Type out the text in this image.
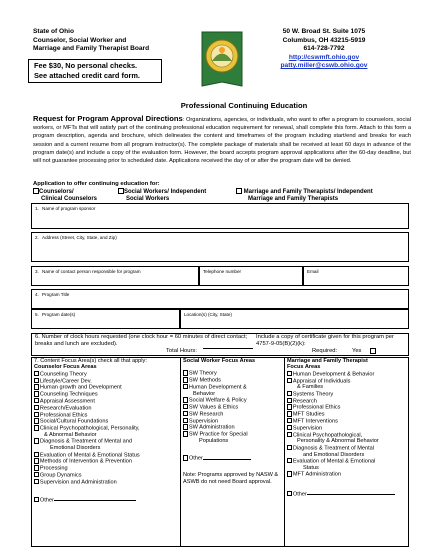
State of Ohio
Counselor, Social Worker and
Marriage and Family Therapist Board
50 W. Broad St. Suite 1075
Columbus, OH 43215-5919
614-728-7792
http://cswmft.ohio.gov
patty.miller@cswb.ohio.gov
Fee $30, No personal checks.
See attached credit card form.
Professional Continuing Education
Request for Program Approval Directions: Organizations, agencies, or individuals, who want to offer a program to counselors, social workers, or MFTs that will satisfy part of the continuing professional education requirement for renewal, shall complete this form. Attach to this form a program description, agenda and brochure, which delineates the content and timeframes of the program including start/end and breaks for each session and a current resume from all program instructor(s). The complete package of materials shall be received at least 60 days in advance of the program date(s) and include a copy of the evaluation form. However, the board accepts program approval applications after the 60-day deadline, but will not guarantee processing prior to scheduled date. Applications received the day of or after the program date will be denied.
Application to offer continuing education for:
Counselors/
Clinical Counselors
Social Workers/ Independent
Social Workers
Marriage and Family Therapists/ Independent
Marriage and Family Therapists
1. Name of program sponsor
2. Address (Street, City, State, and Zip)
3. Name of contact person responsible for program	Telephone number	Email
4. Program Title
5. Program date(s)	Location(s) (City, State)
6. Number of clock hours requested (one clock hour = 60 minutes of direct contact; breaks and lunch are excluded).
Total Hours:
Include a copy of certificate given for this program per 4757-9-05(B)(2)(k):
Required:	Yes
7. Content Focus Area(s) check all that apply:
Counselor Focus Areas
Counseling Theory
Lifestyle/Career Dev.
Human growth and Development
Counseling Techniques
Appraisal Assessment
Research/Evaluation
Professional Ethics
Social/Cultural Foundations
Clinical Psychopathological, Personality,
& Abnormal Behavior
Diagnosis & Treatment of Mental and
Emotional Disorders
Evaluation of Mental & Emotional Status
Methods of Intervention & Prevention
Processing
Group Dynamics
Supervision and Administration
Other
Social Worker Focus Areas
SW Theory
SW Methods
Human Development &
Behavior
Social Welfare & Policy
SW Values & Ethics
SW Research
Supervision
SW Administration
SW Practice for Special
Populations
Other
Note: Programs approved by NASW & ASWB do not need Board approval.
Marriage and Family Therapist
Focus Areas
Human Development & Behavior
Appraisal of Individuals
& Families
Systems Theory
Research
Professional Ethics
MFT Studies
MFT Interventions
Supervision
Clinical Psychopathological,
Personality & Abnormal Behavior
Diagnosis & Treatment of Mental
and Emotional Disorders
Evaluation of Mental & Emotional
Status
MFT Administration
Other
